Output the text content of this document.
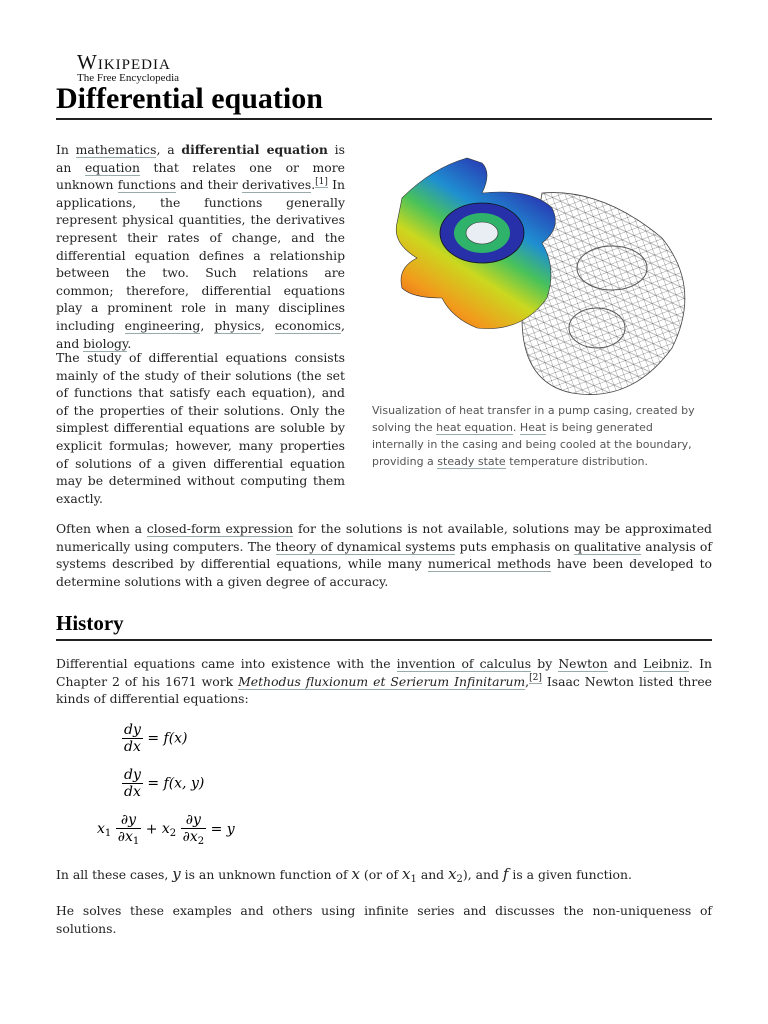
Wikipedia
The Free Encyclopedia
Differential equation

In mathematics, a differential equation is an equation that relates one or more unknown functions and their derivatives.[1] In applications, the functions generally represent physical quantities, the derivatives represent their rates of change, and the differential equation defines a relationship between the two. Such relations are common; therefore, differential equations play a prominent role in many disciplines including engineering, physics, economics, and biology.

The study of differential equations consists mainly of the study of their solutions (the set of functions that satisfy each equation), and of the properties of their solutions. Only the simplest differential equations are soluble by explicit formulas; however, many properties of solutions of a given differential equation may be determined without computing them exactly.

Visualization of heat transfer in a pump casing, created by solving the heat equation. Heat is being generated internally in the casing and being cooled at the boundary, providing a steady state temperature distribution.

Often when a closed-form expression for the solutions is not available, solutions may be approximated numerically using computers. The theory of dynamical systems puts emphasis on qualitative analysis of systems described by differential equations, while many numerical methods have been developed to determine solutions with a given degree of accuracy.

History

Differential equations came into existence with the invention of calculus by Newton and Leibniz. In Chapter 2 of his 1671 work Methodus fluxionum et Serierum Infinitarum,[2] Isaac Newton listed three kinds of differential equations:

$\frac{dy}{dx} = f(x)$
$\frac{dy}{dx} = f(x$, y)
$x_1 \frac{\partial y}{\partial x_1} + x_2 \frac{\partial y}{\partial x_2} = y$

In all these cases, y is an unknown function of x (or of $x_1$ and $x_2$), and f is a given function.

He solves these examples and others using infinite series and discusses the non-uniqueness of solutions.
